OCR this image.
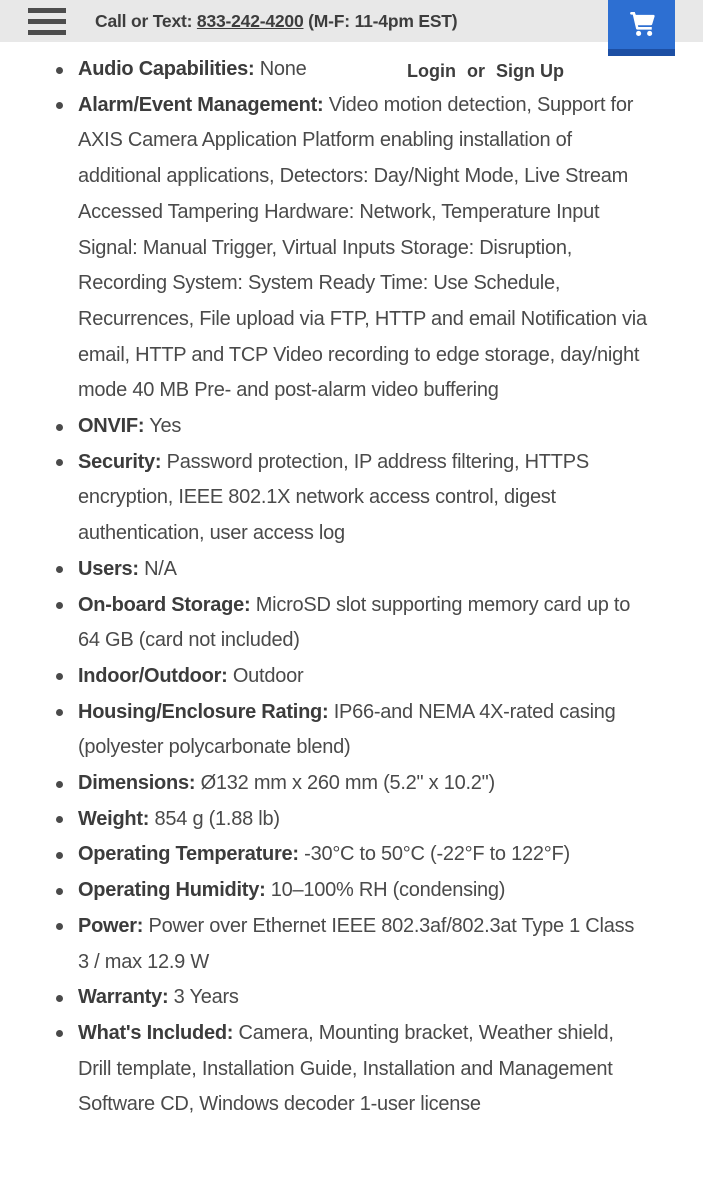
Call or Text: 833-242-4200 (M-F: 11-4pm EST)
Login or Sign Up
Audio Capabilities: None
Alarm/Event Management: Video motion detection, Support for AXIS Camera Application Platform enabling installation of additional applications, Detectors: Day/Night Mode, Live Stream Accessed Tampering Hardware: Network, Temperature Input Signal: Manual Trigger, Virtual Inputs Storage: Disruption, Recording System: System Ready Time: Use Schedule, Recurrences, File upload via FTP, HTTP and email Notification via email, HTTP and TCP Video recording to edge storage, day/night mode 40 MB Pre- and post-alarm video buffering
ONVIF: Yes
Security: Password protection, IP address filtering, HTTPS encryption, IEEE 802.1X network access control, digest authentication, user access log
Users: N/A
On-board Storage: MicroSD slot supporting memory card up to 64 GB (card not included)
Indoor/Outdoor: Outdoor
Housing/Enclosure Rating: IP66-and NEMA 4X-rated casing (polyester polycarbonate blend)
Dimensions: Ø132 mm x 260 mm (5.2" x 10.2")
Weight: 854 g (1.88 lb)
Operating Temperature: -30°C to 50°C (-22°F to 122°F)
Operating Humidity: 10–100% RH (condensing)
Power: Power over Ethernet IEEE 802.3af/802.3at Type 1 Class 3 / max 12.9 W
Warranty: 3 Years
What's Included: Camera, Mounting bracket, Weather shield, Drill template, Installation Guide, Installation and Management Software CD, Windows decoder 1-user license
